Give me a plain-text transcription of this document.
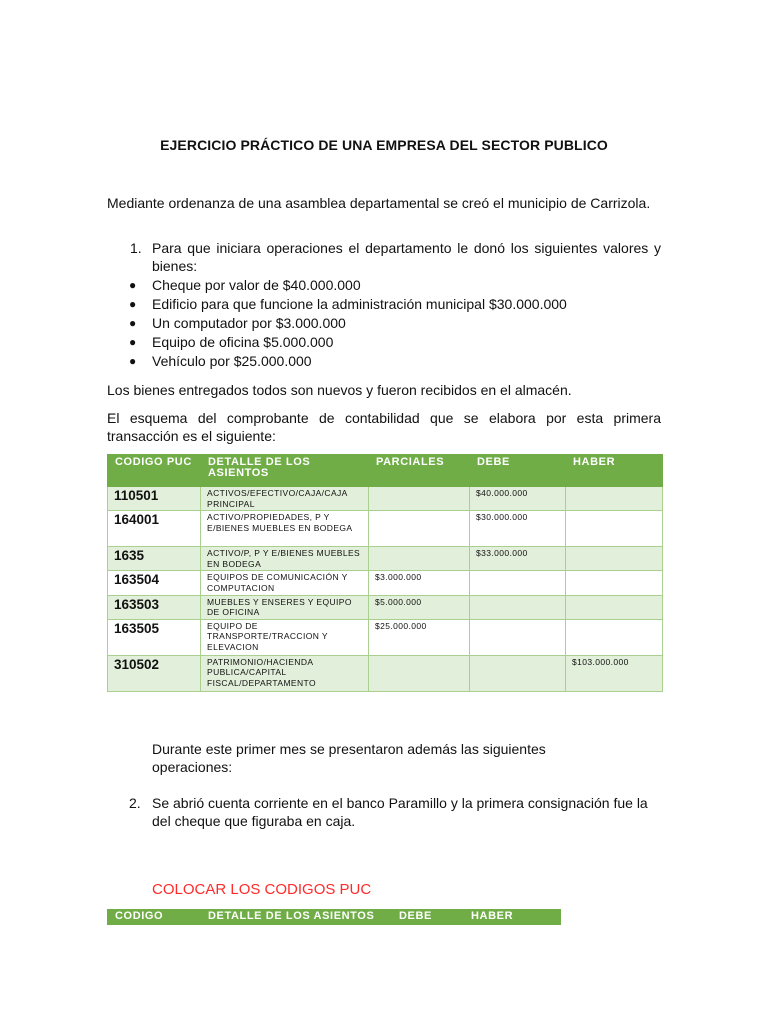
EJERCICIO PRÁCTICO DE UNA EMPRESA DEL SECTOR PUBLICO
Mediante ordenanza de una asamblea departamental se creó el municipio de Carrizola.
1. Para que iniciara operaciones el departamento le donó los siguientes valores y bienes:
● Cheque por valor de $40.000.000
● Edificio para que funcione la administración municipal $30.000.000
● Un computador por $3.000.000
● Equipo de oficina $5.000.000
● Vehículo por $25.000.000
Los bienes entregados todos son nuevos y fueron recibidos en el almacén.
El esquema del comprobante de contabilidad que se elabora por esta primera transacción es el siguiente:
CODIGO PUC	DETALLE DE LOS ASIENTOS	PARCIALES	DEBE	HABER
110501	ACTIVOS/EFECTIVO/CAJA/CAJA PRINCIPAL		$40.000.000	
164001	ACTIVO/PROPIEDADES, P Y E/BIENES MUEBLES EN BODEGA		$30.000.000	
1635	ACTIVO/P, P Y E/BIENES MUEBLES EN BODEGA		$33.000.000	
163504	EQUIPOS DE COMUNICACIÓN Y COMPUTACION	$3.000.000		
163503	MUEBLES Y ENSERES Y EQUIPO DE OFICINA	$5.000.000		
163505	EQUIPO DE TRANSPORTE/TRACCION Y ELEVACION	$25.000.000		
310502	PATRIMONIO/HACIENDA PUBLICA/CAPITAL FISCAL/DEPARTAMENTO			$103.000.000
Durante este primer mes se presentaron además las siguientes operaciones:
2. Se abrió cuenta corriente en el banco Paramillo y la primera consignación fue la del cheque que figuraba en caja.
COLOCAR LOS CODIGOS PUC
CODIGO	DETALLE DE LOS ASIENTOS	DEBE	HABER
